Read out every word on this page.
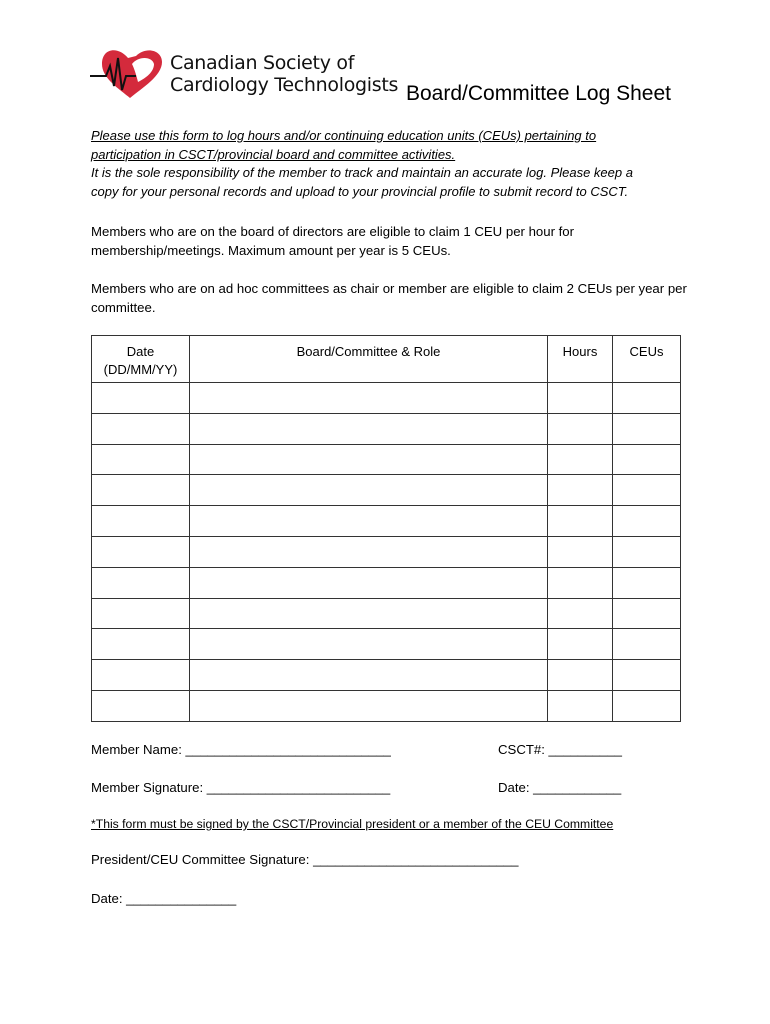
Canadian Society of
Cardiology Technologists Board/Committee Log Sheet
Please use this form to log hours and/or continuing education units (CEUs) pertaining to
participation in CSCT/provincial board and committee activities.
It is the sole responsibility of the member to track and maintain an accurate log. Please keep a
copy for your personal records and upload to your provincial profile to submit record to CSCT.
Members who are on the board of directors are eligible to claim 1 CEU per hour for membership/meetings. Maximum amount per year is 5 CEUs.
Members who are on ad hoc committees as chair or member are eligible to claim 2 CEUs per year per committee.
Date
(DD/MM/YY)	Board/Committee & Role	Hours	CEUs

Member Name: ____________________________	CSCT#: __________
Member Signature: _________________________	Date: ____________
*This form must be signed by the CSCT/Provincial president or a member of the CEU Committee
President/CEU Committee Signature: ____________________________
Date: _______________
